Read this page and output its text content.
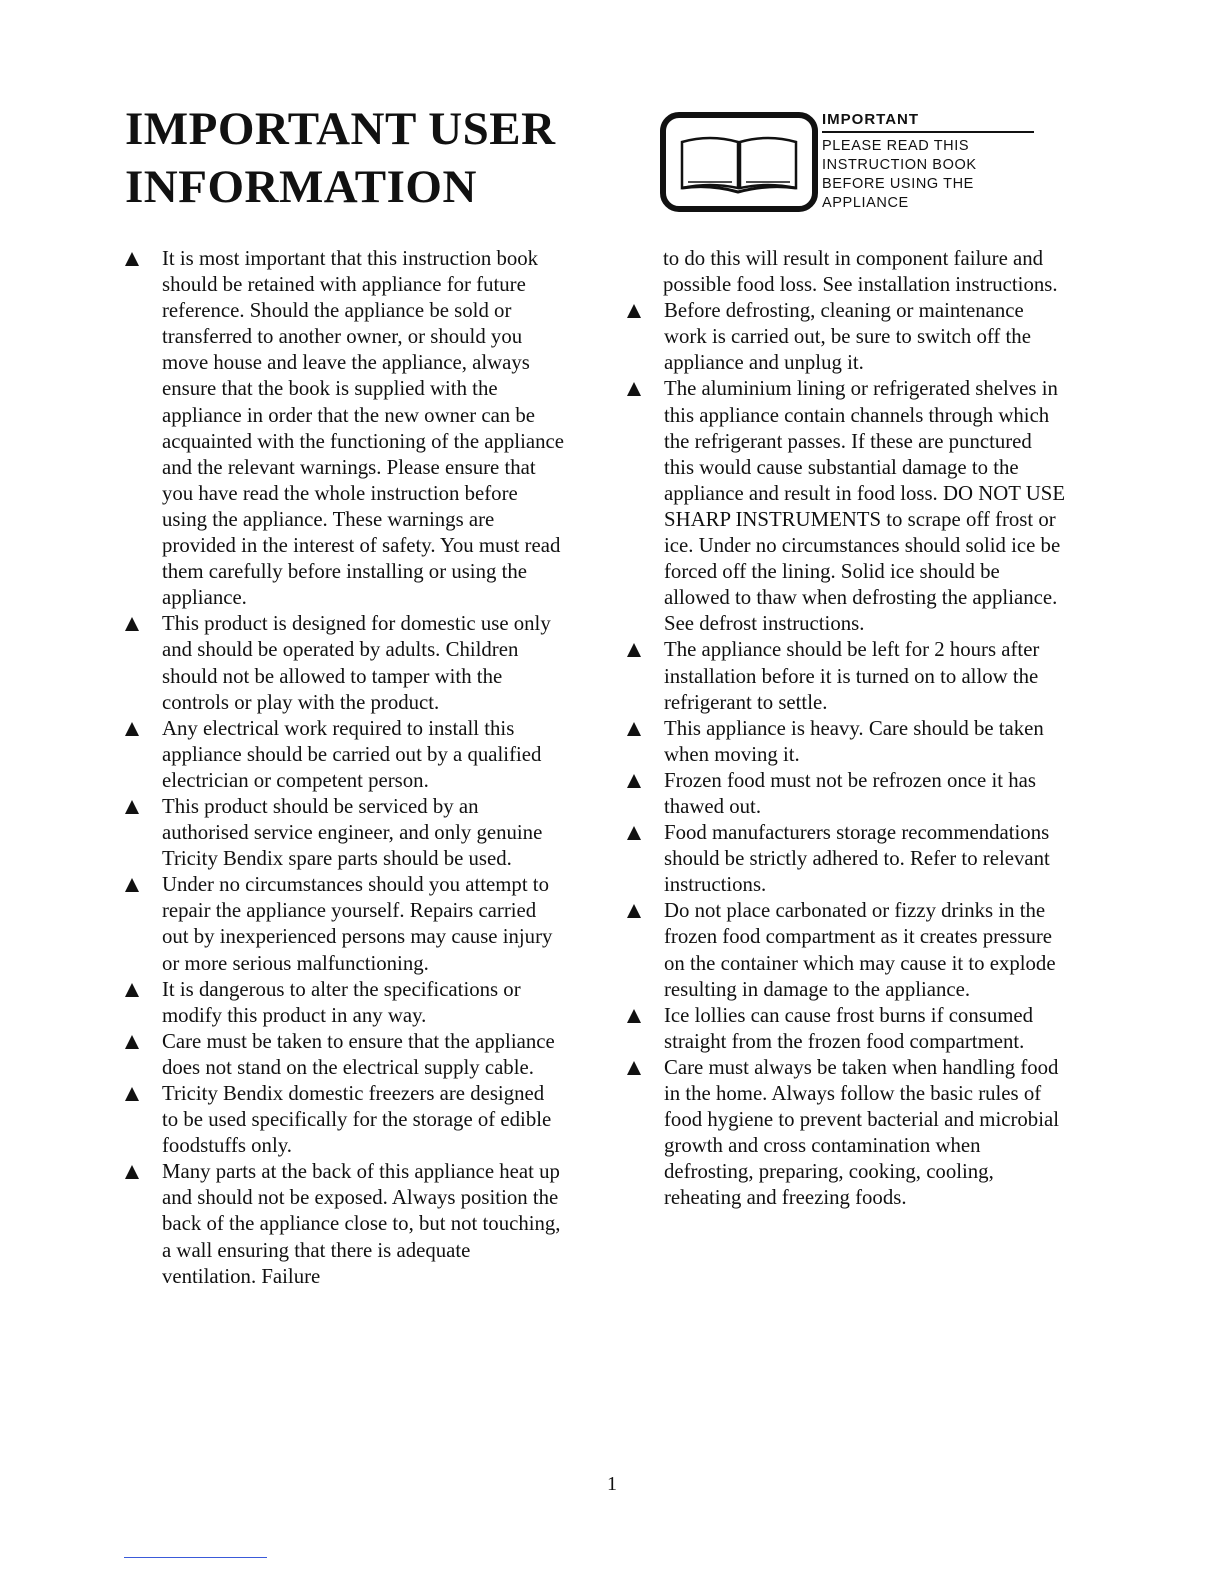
IMPORTANT USER INFORMATION
IMPORTANT
PLEASE READ THIS INSTRUCTION BOOK BEFORE USING THE APPLIANCE
It is most important that this instruction book should be retained with appliance for future reference. Should the appliance be sold or transferred to another owner, or should you move house and leave the appliance, always ensure that the book is supplied with the appliance in order that the new owner can be acquainted with the functioning of the appliance and the relevant warnings. Please ensure that you have read the whole instruction before using the appliance. These warnings are provided in the interest of safety. You must read them carefully before installing or using the appliance.
This product is designed for domestic use only and should be operated by adults. Children should not be allowed to tamper with the controls or play with the product.
Any electrical work required to install this appliance should be carried out by a qualified electrician or competent person.
This product should be serviced by an authorised service engineer, and only genuine Tricity Bendix spare parts should be used.
Under no circumstances should you attempt to repair the appliance yourself. Repairs carried out by inexperienced persons may cause injury or more serious malfunctioning.
It is dangerous to alter the specifications or modify this product in any way.
Care must be taken to ensure that the appliance does not stand on the electrical supply cable.
Tricity Bendix domestic freezers are designed to be used specifically for the storage of edible foodstuffs only.
Many parts at the back of this appliance heat up and should not be exposed. Always position the back of the appliance close to, but not touching, a wall ensuring that there is adequate ventilation. Failure
to do this will result in component failure and possible food loss. See installation instructions.
Before defrosting, cleaning or maintenance work is carried out, be sure to switch off the appliance and unplug it.
The aluminium lining or refrigerated shelves in this appliance contain channels through which the refrigerant passes. If these are punctured this would cause substantial damage to the appliance and result in food loss. DO NOT USE SHARP INSTRUMENTS to scrape off frost or ice. Under no circumstances should solid ice be forced off the lining. Solid ice should be allowed to thaw when defrosting the appliance. See defrost instructions.
The appliance should be left for 2 hours after installation before it is turned on to allow the refrigerant to settle.
This appliance is heavy. Care should be taken when moving it.
Frozen food must not be refrozen once it has thawed out.
Food manufacturers storage recommendations should be strictly adhered to. Refer to relevant instructions.
Do not place carbonated or fizzy drinks in the frozen food compartment as it creates pressure on the container which may cause it to explode resulting in damage to the appliance.
Ice lollies can cause frost burns if consumed straight from the frozen food compartment.
Care must always be taken when handling food in the home. Always follow the basic rules of food hygiene to prevent bacterial and microbial growth and cross contamination when defrosting, preparing, cooking, cooling, reheating and freezing foods.
1
